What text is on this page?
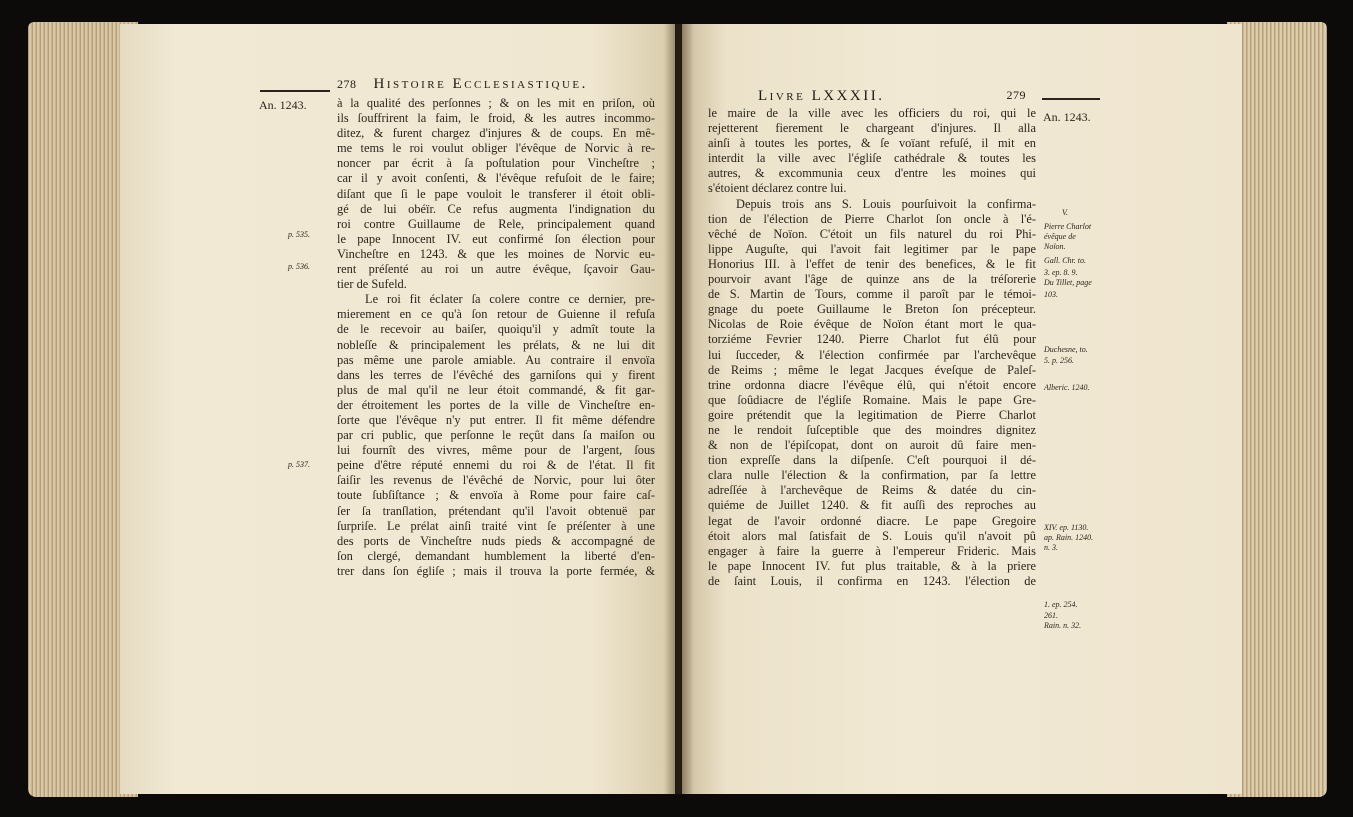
An. 1243.
278 Histoire Ecclesiastique.
p. 535.
p. 536.
p. 537.
à la qualité des perſonnes ; & on les mit en priſon, où
ils ſouffrirent la faim, le froid, & les autres incommo-
ditez, & furent chargez d'injures & de coups. En mê-
me tems le roi voulut obliger l'évêque de Norvic à re-
noncer par écrit à ſa poſtulation pour Vincheſtre ;
car il y avoit conſenti, & l'évêque refuſoit de le faire;
diſant que ſi le pape vouloit le transferer il étoit obli-
gé de lui obéïr. Ce refus augmenta l'indignation du
roi contre Guillaume de Rele, principalement quand
le pape Innocent IV. eut confirmé ſon élection pour
Vincheſtre en 1243. & que les moines de Norvic eu-
rent préſenté au roi un autre évêque, ſçavoir Gau-
tier de Sufeld.
Le roi fit éclater ſa colere contre ce dernier, pre-
mierement en ce qu'à ſon retour de Guienne il refuſa
de le recevoir au baiſer, quoiqu'il y admît toute la
nobleſſe & principalement les prélats, & ne lui dit
pas même une parole amiable. Au contraire il envoïa
dans les terres de l'évêché des garniſons qui y firent
plus de mal qu'il ne leur étoit commandé, & fit gar-
der étroitement les portes de la ville de Vincheſtre en-
ſorte que l'évêque n'y put entrer. Il fit même défendre
par cri public, que perſonne le reçût dans ſa maiſon ou
lui fournît des vivres, même pour de l'argent, ſous
peine d'être réputé ennemi du roi & de l'état. Il fit
ſaiſir les revenus de l'évêché de Norvic, pour lui ôter
toute ſubſiſtance ; & envoïa à Rome pour faire caſ-
ſer ſa tranſlation, prétendant qu'il l'avoit obtenuë par
ſurpriſe. Le prélat ainſi traité vint ſe préſenter à une
des ports de Vincheſtre nuds pieds & accompagné de
ſon clergé, demandant humblement la liberté d'en-
trer dans ſon égliſe ; mais il trouva la porte fermée, &
Livre LXXXII.	279
An. 1243.
le maire de la ville avec les officiers du roi, qui le
rejetterent fierement le chargeant d'injures. Il alla
ainſi à toutes les portes, & ſe voïant refuſé, il mit en
interdit la ville avec l'égliſe cathédrale & toutes les
autres, & excommunia ceux d'entre les moines qui
s'étoient déclarez contre lui.
Depuis trois ans S. Louis pourſuivoit la confirma-
tion de l'élection de Pierre Charlot ſon oncle à l'é-
vêché de Noïon. C'étoit un fils naturel du roi Phi-
lippe Auguſte, qui l'avoit fait legitimer par le pape
Honorius III. à l'effet de tenir des benefices, & le fit
pourvoir avant l'âge de quinze ans de la tréſorerie
de S. Martin de Tours, comme il paroît par le témoi-
gnage du poete Guillaume le Breton ſon précepteur.
Nicolas de Roie évêque de Noïon étant mort le qua-
torziéme Fevrier 1240. Pierre Charlot fut élû pour
lui ſucceder, & l'élection confirmée par l'archevêque
de Reims ; même le legat Jacques éveſque de Paleſ-
trine ordonna diacre l'évêque élû, qui n'étoit encore
que ſoûdiacre de l'égliſe Romaine. Mais le pape Gre-
goire prétendit que la legitimation de Pierre Charlot
ne le rendoit ſuſceptible que des moindres dignitez
& non de l'épiſcopat, dont on auroit dû faire men-
tion expreſſe dans la diſpenſe. C'eſt pourquoi il dé-
clara nulle l'élection & la confirmation, par ſa lettre
adreſſée à l'archevêque de Reims & datée du cin-
quiéme de Juillet 1240. & fit auſſi des reproches au
legat de l'avoir ordonné diacre. Le pape Gregoire
étoit alors mal ſatisfait de S. Louis qu'il n'avoit pû
engager à faire la guerre à l'empereur Frideric. Mais
le pape Innocent IV. fut plus traitable, & à la priere
de ſaint Louis, il confirma en 1243. l'élection de
V.
Pierre Charlot
évêque de
Noïon.
Gall. Chr. to.
3. ep. 8. 9.
Du Tillet, page
103.
Duchesne, to.
5. p. 256.
Alberic. 1240.
XIV. ep. 1130.
ap. Rain. 1240.
n. 3.
1. ep. 254.
261.
Rain. n. 32.
